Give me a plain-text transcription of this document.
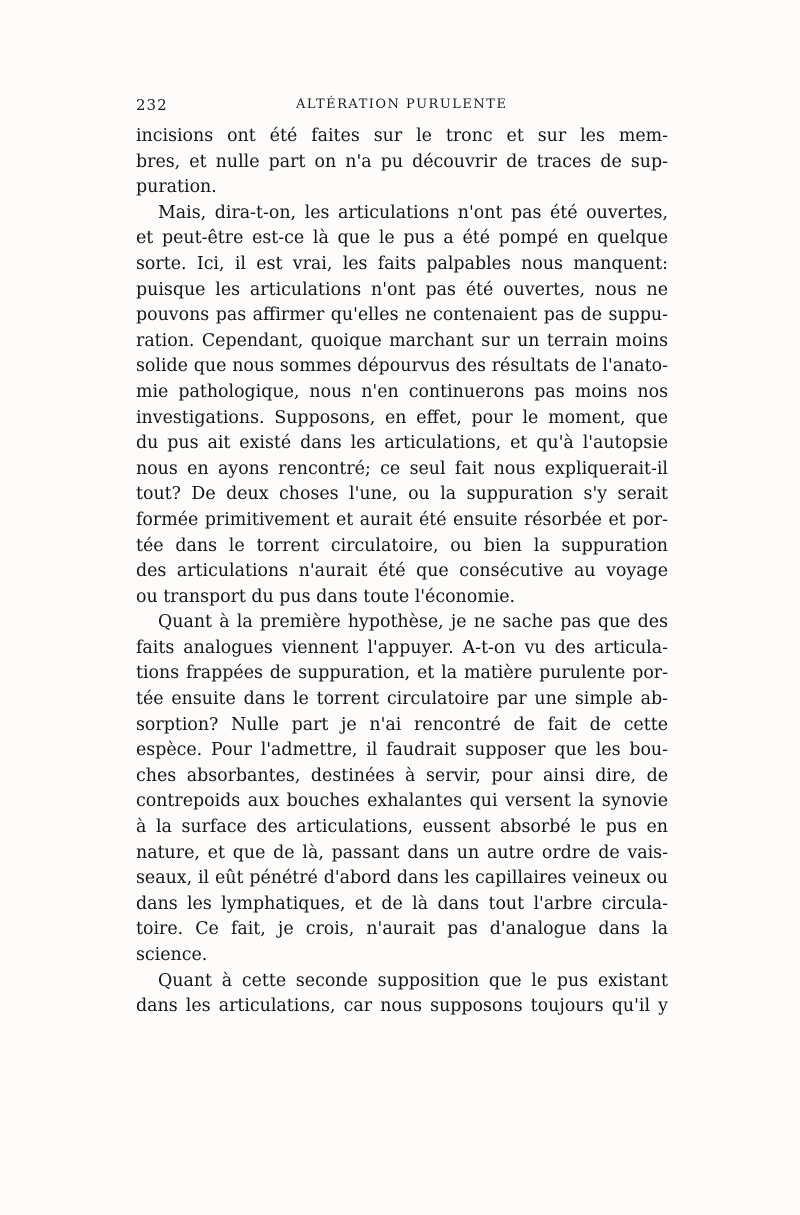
232	ALTÉRATION PURULENTE
incisions ont été faites sur le tronc et sur les mem-
bres, et nulle part on n'a pu découvrir de traces de sup-
puration.
Mais, dira-t-on, les articulations n'ont pas été ouvertes,
et peut-être est-ce là que le pus a été pompé en quelque
sorte. Ici, il est vrai, les faits palpables nous manquent:
puisque les articulations n'ont pas été ouvertes, nous ne
pouvons pas affirmer qu'elles ne contenaient pas de suppu-
ration. Cependant, quoique marchant sur un terrain moins
solide que nous sommes dépourvus des résultats de l'anato-
mie pathologique, nous n'en continuerons pas moins nos
investigations. Supposons, en effet, pour le moment, que
du pus ait existé dans les articulations, et qu'à l'autopsie
nous en ayons rencontré; ce seul fait nous expliquerait-il
tout? De deux choses l'une, ou la suppuration s'y serait
formée primitivement et aurait été ensuite résorbée et por-
tée dans le torrent circulatoire, ou bien la suppuration
des articulations n'aurait été que consécutive au voyage
ou transport du pus dans toute l'économie.
Quant à la première hypothèse, je ne sache pas que des
faits analogues viennent l'appuyer. A-t-on vu des articula-
tions frappées de suppuration, et la matière purulente por-
tée ensuite dans le torrent circulatoire par une simple ab-
sorption? Nulle part je n'ai rencontré de fait de cette
espèce. Pour l'admettre, il faudrait supposer que les bou-
ches absorbantes, destinées à servir, pour ainsi dire, de
contrepoids aux bouches exhalantes qui versent la synovie
à la surface des articulations, eussent absorbé le pus en
nature, et que de là, passant dans un autre ordre de vais-
seaux, il eût pénétré d'abord dans les capillaires veineux ou
dans les lymphatiques, et de là dans tout l'arbre circula-
toire. Ce fait, je crois, n'aurait pas d'analogue dans la
science.
Quant à cette seconde supposition que le pus existant
dans les articulations, car nous supposons toujours qu'il y
